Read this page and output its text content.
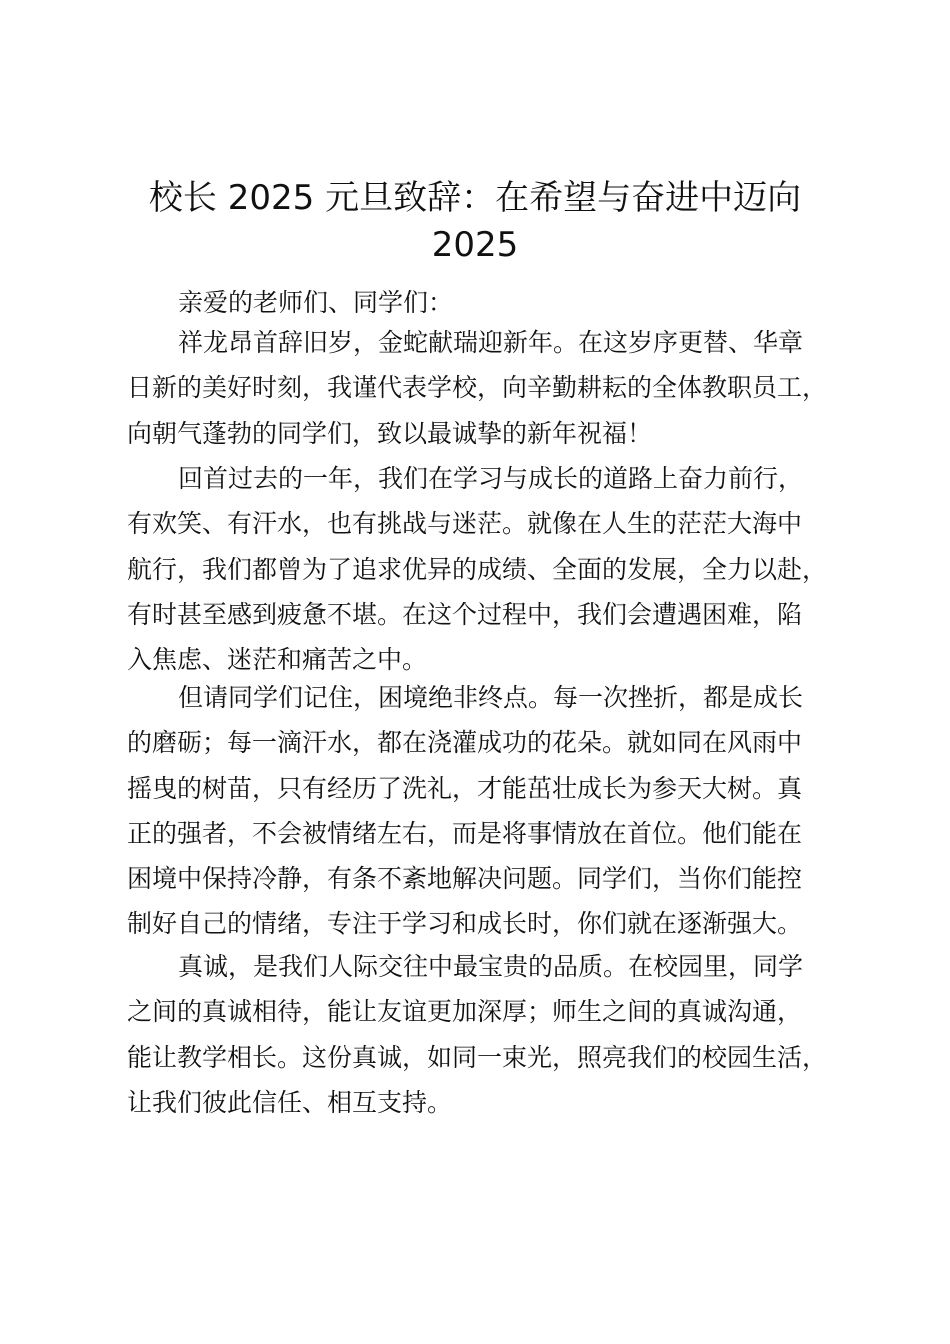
校长 2025 元旦致辞：在希望与奋进中迈向
2025

亲爱的老师们、同学们：

祥龙昂首辞旧岁，金蛇献瑞迎新年。在这岁序更替、华章
日新的美好时刻，我谨代表学校，向辛勤耕耘的全体教职员工，
向朝气蓬勃的同学们，致以最诚挚的新年祝福！

回首过去的一年，我们在学习与成长的道路上奋力前行，
有欢笑、有汗水，也有挑战与迷茫。就像在人生的茫茫大海中
航行，我们都曾为了追求优异的成绩、全面的发展，全力以赴，
有时甚至感到疲惫不堪。在这个过程中，我们会遭遇困难，陷
入焦虑、迷茫和痛苦之中。

但请同学们记住，困境绝非终点。每一次挫折，都是成长
的磨砺；每一滴汗水，都在浇灌成功的花朵。就如同在风雨中
摇曳的树苗，只有经历了洗礼，才能茁壮成长为参天大树。真
正的强者，不会被情绪左右，而是将事情放在首位。他们能在
困境中保持冷静，有条不紊地解决问题。同学们，当你们能控
制好自己的情绪，专注于学习和成长时，你们就在逐渐强大。

真诚，是我们人际交往中最宝贵的品质。在校园里，同学
之间的真诚相待，能让友谊更加深厚；师生之间的真诚沟通，
能让教学相长。这份真诚，如同一束光，照亮我们的校园生活，
让我们彼此信任、相互支持。
